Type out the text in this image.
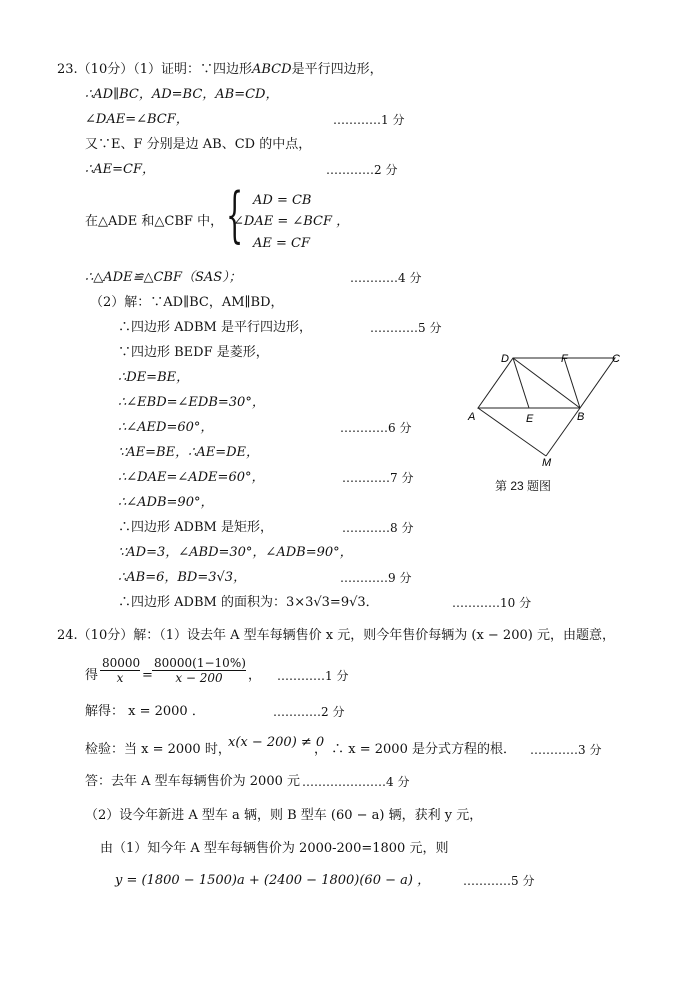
23.（10分）（1）证明：∵四边形ABCD是平行四边形，
∴AD∥BC，AD=BC，AB=CD，
∠DAE=∠BCF，	…………1 分
又∵E、F 分别是边 AB、CD 的中点，
∴AE=CF，	…………2 分
在△ADE 和△CBF 中， { AD = CB
∠DAE = ∠BCF ，
AE = CF
∴△ADE≌△CBF（SAS）；	…………4 分
（2）解：∵AD∥BC，AM∥BD，
∴四边形 ADBM 是平行四边形，	…………5 分
∵四边形 BEDF 是菱形，
∴DE=BE，
∴∠EBD=∠EDB=30°，
∴∠AED=60°，	…………6 分
∵AE=BE，∴AE=DE，
∴∠DAE=∠ADE=60°，	…………7 分
∴∠ADB=90°，
∴四边形 ADBM 是矩形，	…………8 分
∵AD=3，∠ABD=30°，∠ADB=90°，
∴AB=6，BD=3√3，	…………9 分
∴四边形 ADBM 的面积为：3×3√3=9√3．	…………10 分
D	F	C
A	E	B
M
第 23 题图
24.（10分）解：（1）设去年 A 型车每辆售价 x 元，则今年售价每辆为 (x − 200) 元，由题意，
得 $\frac{80000}{x} = \frac{80000(1-10\%)}{x - 200}$ ， …………1 分
解得： x = 2000 ．	…………2 分
检验：当 x = 2000 时，
x(x − 200) ≠ 0
， ∴ x = 2000 是分式方程的根． …………3 分
答：去年 A 型车每辆售价为 2000 元 …………………4 分
（2）设今年新进 A 型车 a 辆，则 B 型车 (60 − a) 辆，获利 y 元，
由（1）知今年 A 型车每辆售价为 2000-200=1800 元，则
y = (1800 − 1500)a + (2400 − 1800)(60 − a) ，	…………5 分
